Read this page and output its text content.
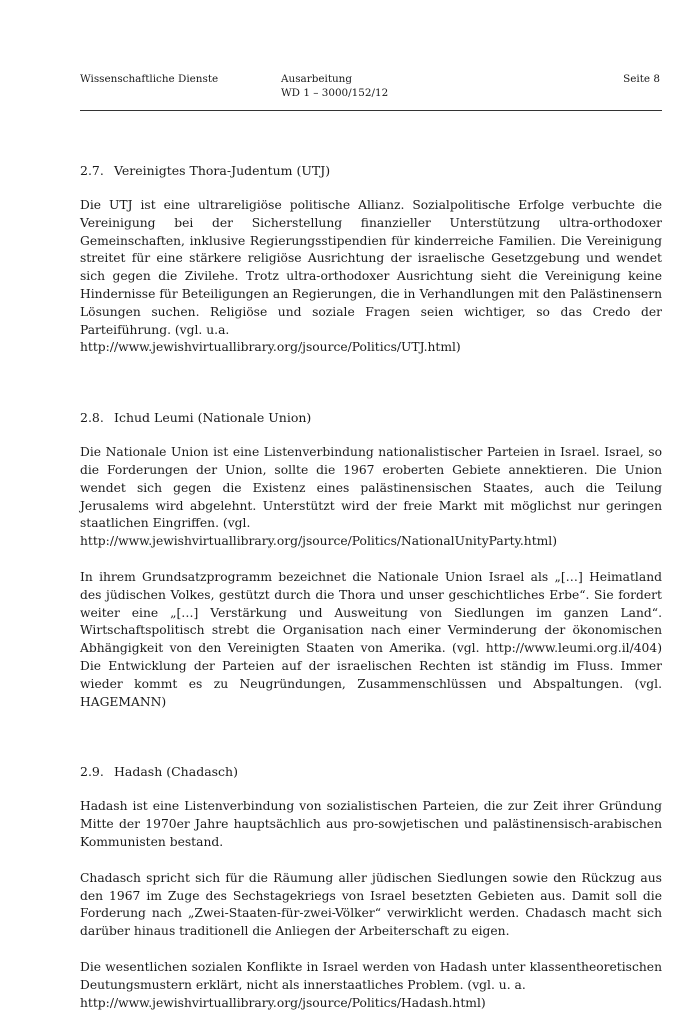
Wissenschaftliche Dienste	Ausarbeitung
WD 1 – 3000/152/12
Seite 8
2.7. Vereinigtes Thora-Judentum (UTJ)

Die UTJ ist eine ultrareligiöse politische Allianz. Sozialpolitische Erfolge verbuchte die Vereinigung bei der Sicherstellung finanzieller Unterstützung ultra-orthodoxer Gemeinschaften, inklusive Regierungsstipendien für kinderreiche Familien. Die Vereinigung streitet für eine stärkere religiöse Ausrichtung der israelische Gesetzgebung und wendet sich gegen die Zivilehe. Trotz ultra-orthodoxer Ausrichtung sieht die Vereinigung keine Hindernisse für Beteiligungen an Regierungen, die in Verhandlungen mit den Palästinensern Lösungen suchen. Religiöse und soziale Fragen seien wichtiger, so das Credo der Parteiführung. (vgl. u.a.
http://www.jewishvirtuallibrary.org/jsource/Politics/UTJ.html)

2.8. Ichud Leumi (Nationale Union)

Die Nationale Union ist eine Listenverbindung nationalistischer Parteien in Israel. Israel, so die Forderungen der Union, sollte die 1967 eroberten Gebiete annektieren. Die Union wendet sich gegen die Existenz eines palästinensischen Staates, auch die Teilung Jerusalems wird abgelehnt. Unterstützt wird der freie Markt mit möglichst nur geringen staatlichen Eingriffen. (vgl.
http://www.jewishvirtuallibrary.org/jsource/Politics/NationalUnityParty.html)

In ihrem Grundsatzprogramm bezeichnet die Nationale Union Israel als „[…] Heimatland des jüdischen Volkes, gestützt durch die Thora und unser geschichtliches Erbe“. Sie fordert weiter eine „[…] Verstärkung und Ausweitung von Siedlungen im ganzen Land“. Wirtschaftspolitisch strebt die Organisation nach einer Verminderung der ökonomischen Abhängigkeit von den Vereinigten Staaten von Amerika. (vgl. http://www.leumi.org.il/404) Die Entwicklung der Parteien auf der israelischen Rechten ist ständig im Fluss. Immer wieder kommt es zu Neugründungen, Zusammenschlüssen und Abspaltungen. (vgl. HAGEMANN)

2.9. Hadash (Chadasch)

Hadash ist eine Listenverbindung von sozialistischen Parteien, die zur Zeit ihrer Gründung Mitte der 1970er Jahre hauptsächlich aus pro-sowjetischen und palästinensisch-arabischen Kommunisten bestand.

Chadasch spricht sich für die Räumung aller jüdischen Siedlungen sowie den Rückzug aus den 1967 im Zuge des Sechstagekriegs von Israel besetzten Gebieten aus. Damit soll die Forderung nach „Zwei-Staaten-für-zwei-Völker“ verwirklicht werden. Chadasch macht sich darüber hinaus traditionell die Anliegen der Arbeiterschaft zu eigen.

Die wesentlichen sozialen Konflikte in Israel werden von Hadash unter klassentheoretischen Deutungsmustern erklärt, nicht als innerstaatliches Problem. (vgl. u. a.
http://www.jewishvirtuallibrary.org/jsource/Politics/Hadash.html)
